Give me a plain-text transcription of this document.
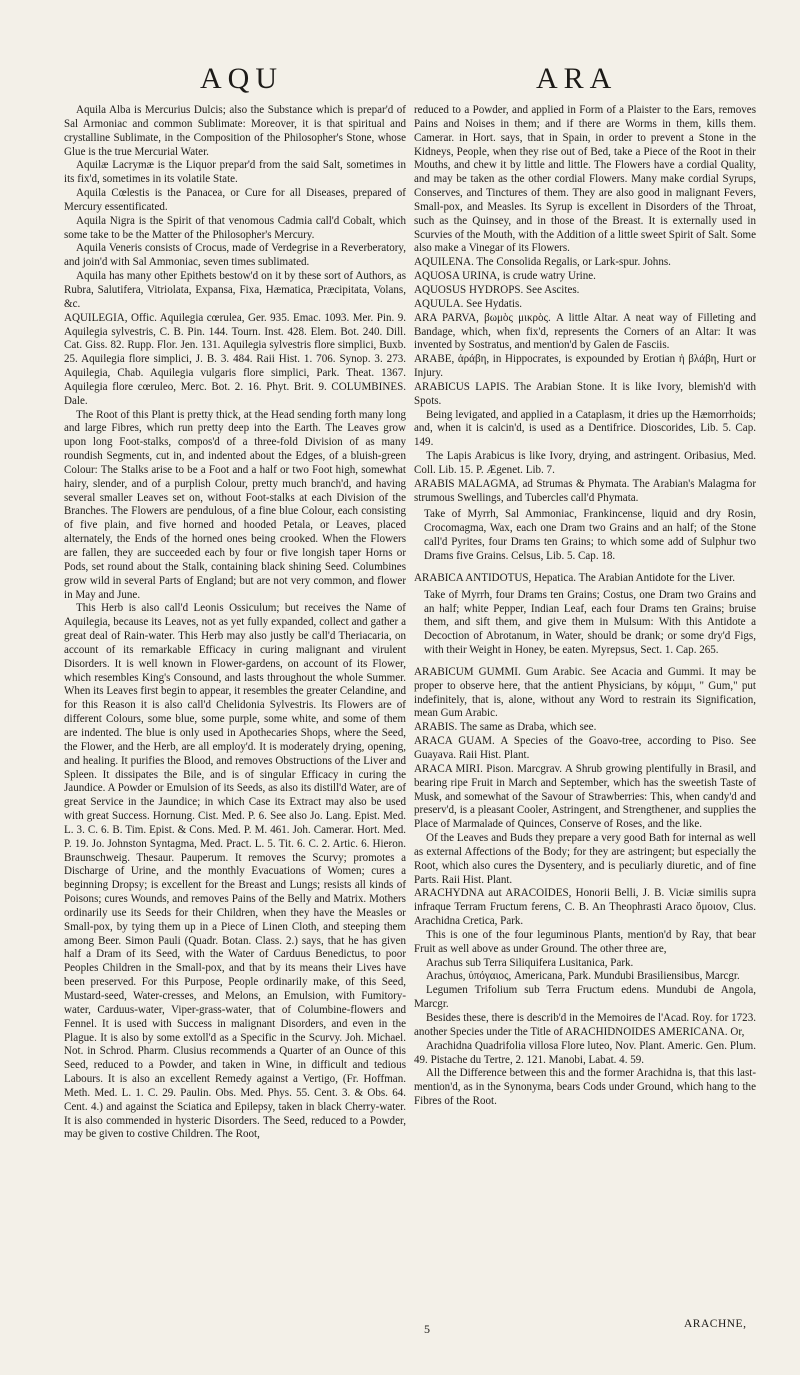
AQU	ARA

Aquila Alba is Mercurius Dulcis; also the Substance which is prepar'd of Sal Armoniac and common Sublimate: Moreover, it is that spiritual and crystalline Sublimate, in the Composition of the Philosopher's Stone, whose Glue is the true Mercurial Water.

Aquilæ Lacrymæ is the Liquor prepar'd from the said Salt, sometimes in its fix'd, sometimes in its volatile State.

Aquila Cœlestis is the Panacea, or Cure for all Diseases, prepared of Mercury essentificated.

Aquila Nigra is the Spirit of that venomous Cadmia call'd Cobalt, which some take to be the Matter of the Philosopher's Mercury.

Aquila Veneris consists of Crocus, made of Verdegrise in a Reverberatory, and join'd with Sal Ammoniac, seven times sublimated.

Aquila has many other Epithets bestow'd on it by these sort of Authors, as Rubra, Salutifera, Vitriolata, Expansa, Fixa, Hæmatica, Præcipitata, Volans, &c.

AQUILEGIA, Offic. Aquilegia cœrulea, Ger. 935. Emac. 1093. Mer. Pin. 9. Aquilegia sylvestris, C. B. Pin. 144. Tourn. Inst. 428. Elem. Bot. 240. Dill. Cat. Giss. 82. Rupp. Flor. Jen. 131. Aquilegia sylvestris flore simplici, Buxb. 25. Aquilegia flore simplici, J. B. 3. 484. Raii Hist. 1. 706. Synop. 3. 273. Aquilegia, Chab. Aquilegia vulgaris flore simplici, Park. Theat. 1367. Aquilegia flore cœruleo, Merc. Bot. 2. 16. Phyt. Brit. 9. COLUMBINES. Dale.

The Root of this Plant is pretty thick, at the Head sending forth many long and large Fibres, which run pretty deep into the Earth. The Leaves grow upon long Foot-stalks, compos'd of a three-fold Division of as many roundish Segments, cut in, and indented about the Edges, of a bluish-green Colour: The Stalks arise to be a Foot and a half or two Foot high, somewhat hairy, slender, and of a purplish Colour, pretty much branch'd, and having several smaller Leaves set on, without Foot-stalks at each Division of the Branches. The Flowers are pendulous, of a fine blue Colour, each consisting of five plain, and five horned and hooded Petala, or Leaves, placed alternately, the Ends of the horned ones being crooked. When the Flowers are fallen, they are succeeded each by four or five longish taper Horns or Pods, set round about the Stalk, containing black shining Seed. Columbines grow wild in several Parts of England; but are not very common, and flower in May and June.

This Herb is also call'd Leonis Ossiculum; but receives the Name of Aquilegia, because its Leaves, not as yet fully expanded, collect and gather a great deal of Rain-water. This Herb may also justly be call'd Theriacaria, on account of its remarkable Efficacy in curing malignant and virulent Disorders. It is well known in Flower-gardens, on account of its Flower, which resembles King's Consound, and lasts throughout the whole Summer. When its Leaves first begin to appear, it resembles the greater Celandine, and for this Reason it is also call'd Chelidonia Sylvestris. Its Flowers are of different Colours, some blue, some purple, some white, and some of them are indented. The blue is only used in Apothecaries Shops, where the Seed, the Flower, and the Herb, are all employ'd. It is moderately drying, opening, and healing. It purifies the Blood, and removes Obstructions of the Liver and Spleen. It dissipates the Bile, and is of singular Efficacy in curing the Jaundice. A Powder or Emulsion of its Seeds, as also its distill'd Water, are of great Service in the Jaundice; in which Case its Extract may also be used with great Success. Hornung. Cist. Med. P. 6. See also Jo. Lang. Epist. Med. L. 3. C. 6. B. Tim. Epist. & Cons. Med. P. M. 461. Joh. Camerar. Hort. Med. P. 19. Jo. Johnston Syntagma, Med. Pract. L. 5. Tit. 6. C. 2. Artic. 6. Hieron. Braunschweig. Thesaur. Pauperum. It removes the Scurvy; promotes a Discharge of Urine, and the monthly Evacuations of Women; cures a beginning Dropsy; is excellent for the Breast and Lungs; resists all kinds of Poisons; cures Wounds, and removes Pains of the Belly and Matrix. Mothers ordinarily use its Seeds for their Children, when they have the Measles or Small-pox, by tying them up in a Piece of Linen Cloth, and steeping them among Beer. Simon Pauli (Quadr. Botan. Class. 2.) says, that he has given half a Dram of its Seed, with the Water of Carduus Benedictus, to poor Peoples Children in the Small-pox, and that by its means their Lives have been preserved. For this Purpose, People ordinarily make, of this Seed, Mustard-seed, Water-cresses, and Melons, an Emulsion, with Fumitory-water, Carduus-water, Viper-grass-water, that of Columbine-flowers and Fennel. It is used with Success in malignant Disorders, and even in the Plague. It is also by some extoll'd as a Specific in the Scurvy. Joh. Michael. Not. in Schrod. Pharm. Clusius recommends a Quarter of an Ounce of this Seed, reduced to a Powder, and taken in Wine, in difficult and tedious Labours. It is also an excellent Remedy against a Vertigo, (Fr. Hoffman. Meth. Med. L. 1. C. 29. Paulin. Obs. Med. Phys. 55. Cent. 3. & Obs. 64. Cent. 4.) and against the Sciatica and Epilepsy, taken in black Cherry-water. It is also commended in hysteric Disorders. The Seed, reduced to a Powder, may be given to costive Children. The Root,

reduced to a Powder, and applied in Form of a Plaister to the Ears, removes Pains and Noises in them; and if there are Worms in them, kills them. Camerar. in Hort. says, that in Spain, in order to prevent a Stone in the Kidneys, People, when they rise out of Bed, take a Piece of the Root in their Mouths, and chew it by little and little. The Flowers have a cordial Quality, and may be taken as the other cordial Flowers. Many make cordial Syrups, Conserves, and Tinctures of them. They are also good in malignant Fevers, Small-pox, and Measles. Its Syrup is excellent in Disorders of the Throat, such as the Quinsey, and in those of the Breast. It is externally used in Scurvies of the Mouth, with the Addition of a little sweet Spirit of Salt. Some also make a Vinegar of its Flowers.

AQUILENA. The Consolida Regalis, or Lark-spur. Johns.

AQUOSA URINA, is crude watry Urine.

AQUOSUS HYDROPS. See Ascites.

AQUULA. See Hydatis.

ARA PARVA, βωμὸς μικρὸς. A little Altar. A neat way of Filleting and Bandage, which, when fix'd, represents the Corners of an Altar: It was invented by Sostratus, and mention'd by Galen de Fasciis.

ARABE, ἀράβη, in Hippocrates, is expounded by Erotian ἠ βλάβη, Hurt or Injury.

ARABICUS LAPIS. The Arabian Stone. It is like Ivory, blemish'd with Spots.

Being levigated, and applied in a Cataplasm, it dries up the Hæmorrhoids; and, when it is calcin'd, is used as a Dentifrice. Dioscorides, Lib. 5. Cap. 149.

The Lapis Arabicus is like Ivory, drying, and astringent. Oribasius, Med. Coll. Lib. 15. P. Ægenet. Lib. 7.

ARABIS MALAGMA, ad Strumas & Phymata. The Arabian's Malagma for strumous Swellings, and Tubercles call'd Phymata.

Take of Myrrh, Sal Ammoniac, Frankincense, liquid and dry Rosin, Crocomagma, Wax, each one Dram two Grains and an half; of the Stone call'd Pyrites, four Drams ten Grains; to which some add of Sulphur two Drams five Grains. Celsus, Lib. 5. Cap. 18.

ARABICA ANTIDOTUS, Hepatica. The Arabian Antidote for the Liver.

Take of Myrrh, four Drams ten Grains; Costus, one Dram two Grains and an half; white Pepper, Indian Leaf, each four Drams ten Grains; bruise them, and sift them, and give them in Mulsum: With this Antidote a Decoction of Abrotanum, in Water, should be drank; or some dry'd Figs, with their Weight in Honey, be eaten. Myrepsus, Sect. 1. Cap. 265.

ARABICUM GUMMI. Gum Arabic. See Acacia and Gummi. It may be proper to observe here, that the antient Physicians, by κόμμι, " Gum," put indefinitely, that is, alone, without any Word to restrain its Signification, mean Gum Arabic.

ARABIS. The same as Draba, which see.

ARACA GUAM. A Species of the Goavo-tree, according to Piso. See Guayava. Raii Hist. Plant.

ARACA MIRI. Pison. Marcgrav. A Shrub growing plentifully in Brasil, and bearing ripe Fruit in March and September, which has the sweetish Taste of Musk, and somewhat of the Savour of Strawberries: This, when candy'd and preserv'd, is a pleasant Cooler, Astringent, and Strengthener, and supplies the Place of Marmalade of Quinces, Conserve of Roses, and the like.

Of the Leaves and Buds they prepare a very good Bath for internal as well as external Affections of the Body; for they are astringent; but especially the Root, which also cures the Dysentery, and is peculiarly diuretic, and of fine Parts. Raii Hist. Plant.

ARACHYDNA aut ARACOIDES, Honorii Belli, J. B. Viciæ similis supra infraque Terram Fructum ferens, C. B. An Theophrasti Araco ὅμοιον, Clus. Arachidna Cretica, Park.

This is one of the four leguminous Plants, mention'd by Ray, that bear Fruit as well above as under Ground. The other three are,

Arachus sub Terra Siliquifera Lusitanica, Park.

Arachus, ὑπόγαιος, Americana, Park. Mundubi Brasiliensibus, Marcgr.

Legumen Trifolium sub Terra Fructum edens. Mundubi de Angola, Marcgr.

Besides these, there is describ'd in the Memoires de l'Acad. Roy. for 1723. another Species under the Title of ARACHIDNOIDES AMERICANA. Or,

Arachidna Quadrifolia villosa Flore luteo, Nov. Plant. Americ. Gen. Plum. 49. Pistache du Tertre, 2. 121. Manobi, Labat. 4. 59.

All the Difference between this and the former Arachidna is, that this last-mention'd, as in the Synonyma, bears Cods under Ground, which hang to the Fibres of the Root.

5	ARACHNE,
